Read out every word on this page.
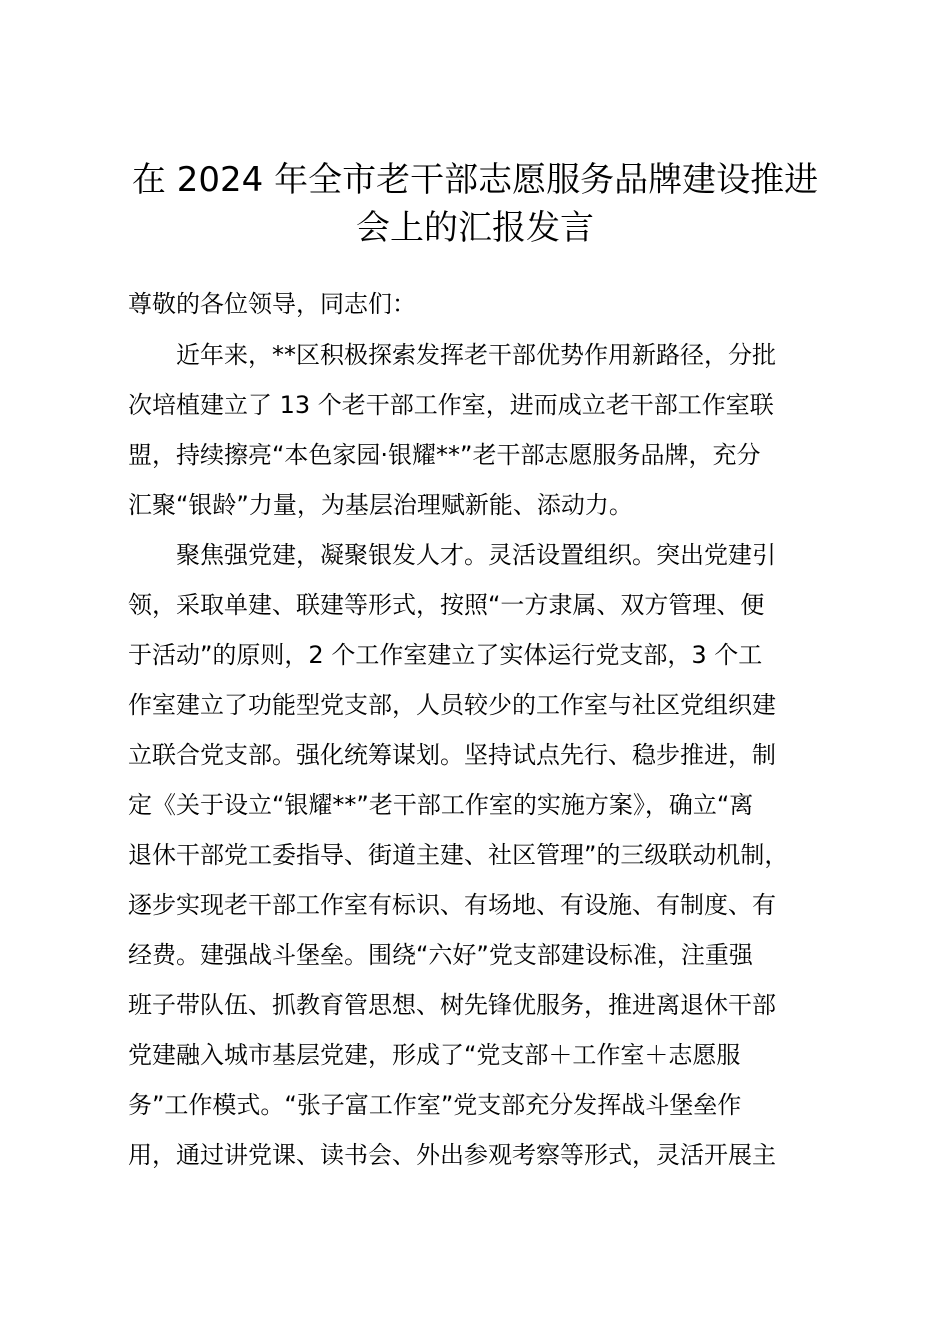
在 2024 年全市老干部志愿服务品牌建设推进
会上的汇报发言
尊敬的各位领导，同志们：
近年来，**区积极探索发挥老干部优势作用新路径，分批
次培植建立了 13 个老干部工作室，进而成立老干部工作室联
盟，持续擦亮“本色家园·银耀**”老干部志愿服务品牌，充分
汇聚“银龄”力量，为基层治理赋新能、添动力。
聚焦强党建，凝聚银发人才。灵活设置组织。突出党建引
领，采取单建、联建等形式，按照“一方隶属、双方管理、便
于活动”的原则，2 个工作室建立了实体运行党支部，3 个工
作室建立了功能型党支部，人员较少的工作室与社区党组织建
立联合党支部。强化统筹谋划。坚持试点先行、稳步推进，制
定《关于设立“银耀**”老干部工作室的实施方案》，确立“离
退休干部党工委指导、街道主建、社区管理”的三级联动机制，
逐步实现老干部工作室有标识、有场地、有设施、有制度、有
经费。建强战斗堡垒。围绕“六好”党支部建设标准，注重强
班子带队伍、抓教育管思想、树先锋优服务，推进离退休干部
党建融入城市基层党建，形成了“党支部＋工作室＋志愿服
务”工作模式。“张子富工作室”党支部充分发挥战斗堡垒作
用，通过讲党课、读书会、外出参观考察等形式，灵活开展主
